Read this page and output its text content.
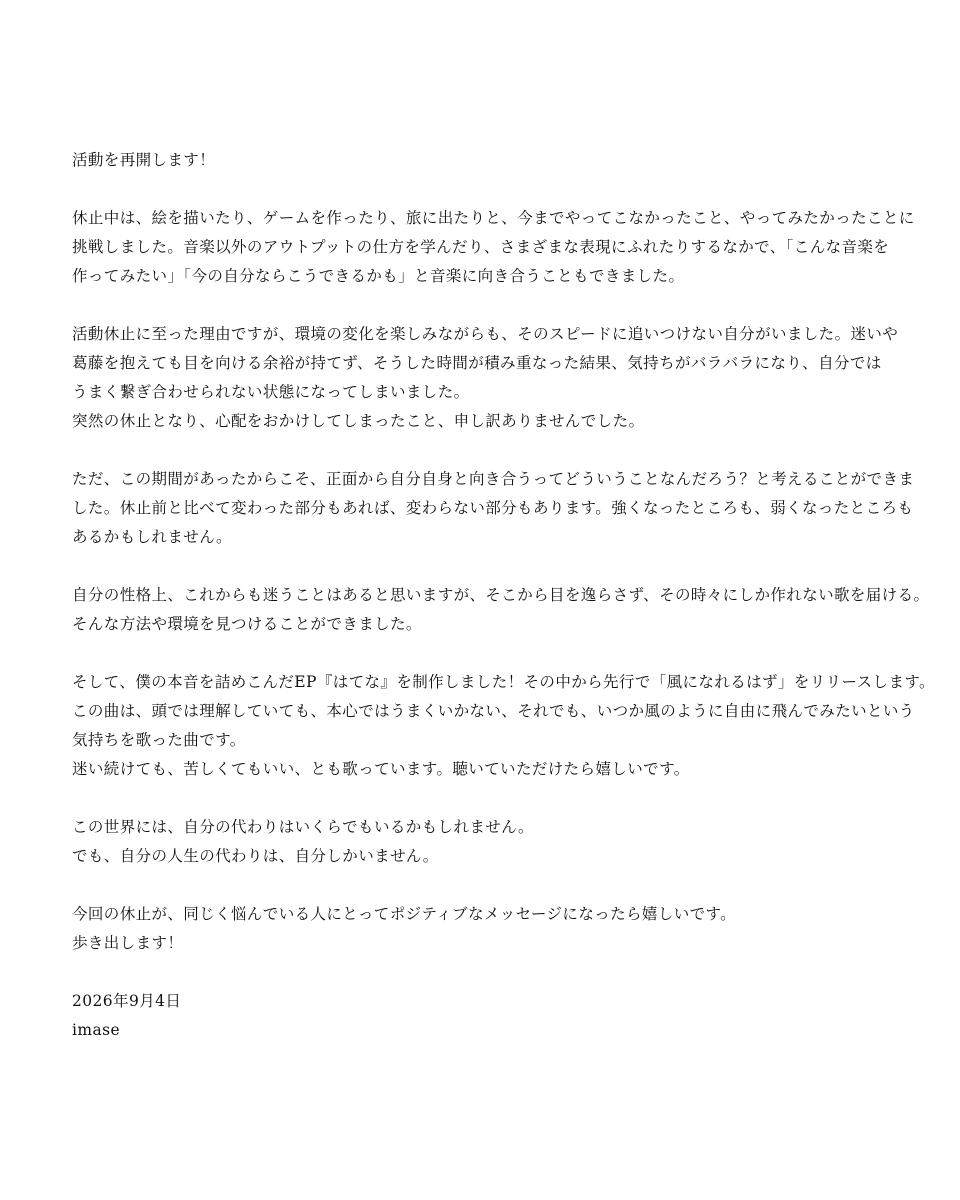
活動を再開します！

休止中は、絵を描いたり、ゲームを作ったり、旅に出たりと、今までやってこなかったこと、やってみたかったことに
挑戦しました。音楽以外のアウトプットの仕方を学んだり、さまざまな表現にふれたりするなかで、「こんな音楽を
作ってみたい」「今の自分ならこうできるかも」と音楽に向き合うこともできました。

活動休止に至った理由ですが、環境の変化を楽しみながらも、そのスピードに追いつけない自分がいました。迷いや
葛藤を抱えても目を向ける余裕が持てず、そうした時間が積み重なった結果、気持ちがバラバラになり、自分では
うまく繋ぎ合わせられない状態になってしまいました。
突然の休止となり、心配をおかけしてしまったこと、申し訳ありませんでした。

ただ、この期間があったからこそ、正面から自分自身と向き合うってどういうことなんだろう？と考えることができま
した。休止前と比べて変わった部分もあれば、変わらない部分もあります。強くなったところも、弱くなったところも
あるかもしれません。

自分の性格上、これからも迷うことはあると思いますが、そこから目を逸らさず、その時々にしか作れない歌を届ける。
そんな方法や環境を見つけることができました。

そして、僕の本音を詰めこんだEP『はてな』を制作しました！その中から先行で「風になれるはず」をリリースします。
この曲は、頭では理解していても、本心ではうまくいかない、それでも、いつか風のように自由に飛んでみたいという
気持ちを歌った曲です。
迷い続けても、苦しくてもいい、とも歌っています。聴いていただけたら嬉しいです。

この世界には、自分の代わりはいくらでもいるかもしれません。
でも、自分の人生の代わりは、自分しかいません。

今回の休止が、同じく悩んでいる人にとってポジティブなメッセージになったら嬉しいです。
歩き出します！

2026年9月4日
imase
